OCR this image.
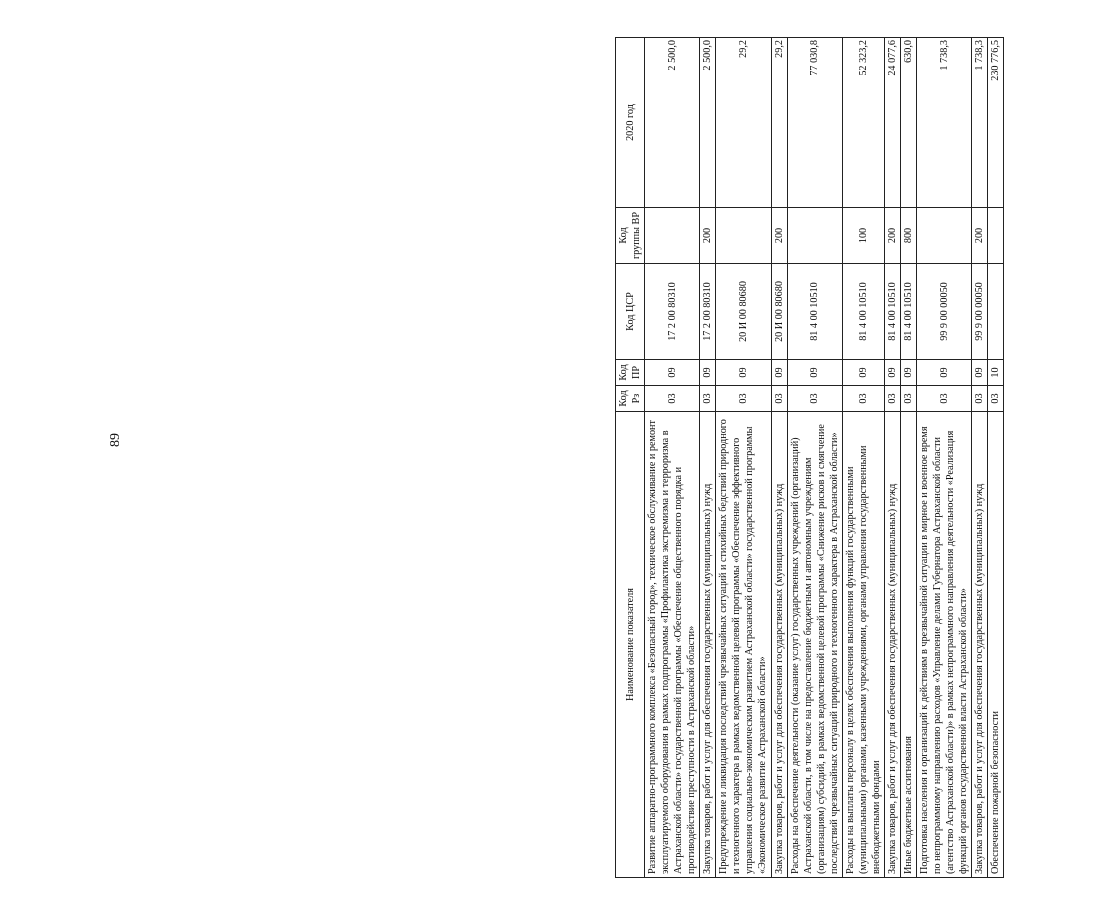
89
Наименование показателя	Код Рз	Код ПР	Код ЦСР	Код группы ВР	2020 год
Развитие аппаратно-программного комплекса «Безопасный город», техническое обслуживание и ремонт эксплуатируемого оборудования в рамках подпрограммы «Профилактика экстремизма и терроризма в Астраханской области» государственной программы «Обеспечение общественного порядка и противодействие преступности в Астраханской области»	03	09	17 2 00 80310		2 500,0
Закупка товаров, работ и услуг для обеспечения государственных (муниципальных) нужд	03	09	17 2 00 80310	200	2 500,0
Предупреждение и ликвидация последствий чрезвычайных ситуаций и стихийных бедствий природного и техногенного характера в рамках ведомственной целевой программы «Обеспечение эффективного управления социально-экономическим развитием Астраханской области» государственной программы «Экономическое развитие Астраханской области»	03	09	20 И 00 80680		29,2
Закупка товаров, работ и услуг для обеспечения государственных (муниципальных) нужд	03	09	20 И 00 80680	200	29,2
Расходы на обеспечение деятельности (оказание услуг) государственных учреждений (организаций) Астраханской области, в том числе на предоставление бюджетным и автономным учреждениям (организациям) субсидий, в рамках ведомственной целевой программы «Снижение рисков и смягчение последствий чрезвычайных ситуаций природного и техногенного характера в Астраханской области»	03	09	81 4 00 10510		77 030,8
Расходы на выплаты персоналу в целях обеспечения выполнения функций государственными (муниципальными) органами, казенными учреждениями, органами управления государственными внебюджетными фондами	03	09	81 4 00 10510	100	52 323,2
Закупка товаров, работ и услуг для обеспечения государственных (муниципальных) нужд	03	09	81 4 00 10510	200	24 077,6
Иные бюджетные ассигнования	03	09	81 4 00 10510	800	630,0
Подготовка населения и организаций к действиям в чрезвычайной ситуации в мирное и военное время по непрограммному направлению расходов «Управление делами Губернатора Астраханской области (агентство Астраханской области)» в рамках непрограммного направления деятельности «Реализация функций органов государственной власти Астраханской области»	03	09	99 9 00 00050		1 738,3
Закупка товаров, работ и услуг для обеспечения государственных (муниципальных) нужд	03	09	99 9 00 00050	200	1 738,3
Обеспечение пожарной безопасности	03	10			230 776,5
